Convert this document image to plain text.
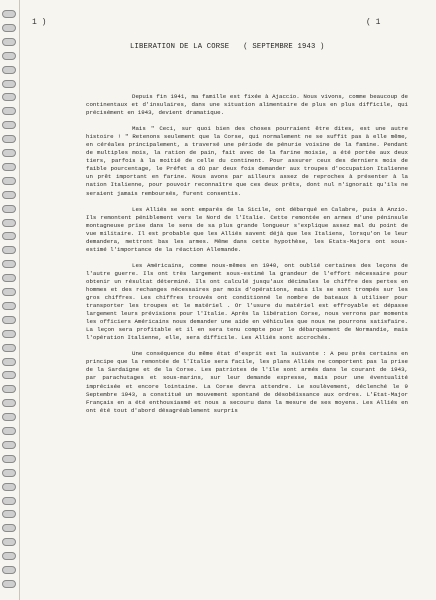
1 )	( 1
LIBERATION DE LA CORSE ( SEPTEMBRE 1943 )

Depuis fin 1941, ma famille est fixée à Ajaccio. Nous vivons, comme beaucoup de continentaux et d'insulaires, dans une situation alimentaire de plus en plus difficile, qui précisément en 1943, devient dramatique.

Mais " Ceci, sur quoi bien des choses pourraient être dites, est une autre histoire ! " Retenons seulement que la Corse, qui normalement ne se suffit pas à elle même, en céréales principalement, a traversé une période de pénurie voisine de la famine. Pendant de multiples mois, la ration de pain, fait avec de la farine moisie, a été portée aux deux tiers, parfois à la moitié de celle du continent. Pour assurer ceux des derniers mois de faible pourcentage, le Préfet a dû par deux fois demander aux troupes d'occupation Italienne un prêt important en farine. Nous avons par ailleurs assez de reproches à présenter à la nation Italienne, pour pouvoir reconnaître que ces deux prêts, dont nul n'ignorait qu'ils ne seraient jamais remboursés, furent consentis.

Les Alliés se sont emparés de la Sicile, ont débarqué en Calabre, puis à Anzio. Ils remontent péniblement vers le Nord de l'Italie. Cette remontée en armes d'une péninsule montagneuse prise dans le sens de sa plus grande longueur s'explique assez mal du point de vue militaire. Il est probable que les Alliés savent déjà que les Italiens, lorsqu'on le leur demandera, mettront bas les armes. Même dans cette hypothèse, les Etats-Majors ont sous-estimé l'importance de la réaction Allemande.

Les Américains, comme nous-mêmes en 1940, ont oublié certaines des leçons de l'autre guerre. Ils ont très largement sous-estimé la grandeur de l'effort nécessaire pour obtenir un résultat déterminé. Ils ont calculé jusqu'aux décimales le chiffre des pertes en hommes et des rechanges nécessaires par mois d'opérations, mais ils se sont trompés sur les gros chiffres. Les chiffres trouvés ont conditionné le nombre de bateaux à utiliser pour transporter les troupes et le matériel . Or l'usure du matériel est effroyable et dépasse largement leurs prévisions pour l'Italie. Après la libération Corse, nous verrons par moments les officiers Américains nous demander une aide en véhicules que nous ne pourrons satisfaire. La leçon sera profitable et il en sera tenu compte pour le débarquement de Normandie, mais l'opération Italienne, elle, sera difficile. Les Alliés sont accrochés.

Une conséquence du même état d'esprit est la suivante : A peu près certains en principe que la remontée de l'Italie sera facile, les plans Alliés ne comportent pas la prise de la Sardaigne et de la Corse. Les patriotes de l'île sont armés dans le courant de 1943, par parachutages et sous-marins, sur leur demande expresse, mais pour une éventualité imprécisée et encore lointaine. La Corse devra attendre. Le soulèvement, déclenché le 9 Septembre 1943, a constitué un mouvement spontané de désobéissance aux ordres. L'Etat-Major Français en a été enthousiasmé et nous a secouru dans la mesure de ses moyens. Les Alliés en ont été tout d'abord désagréablement surpris
